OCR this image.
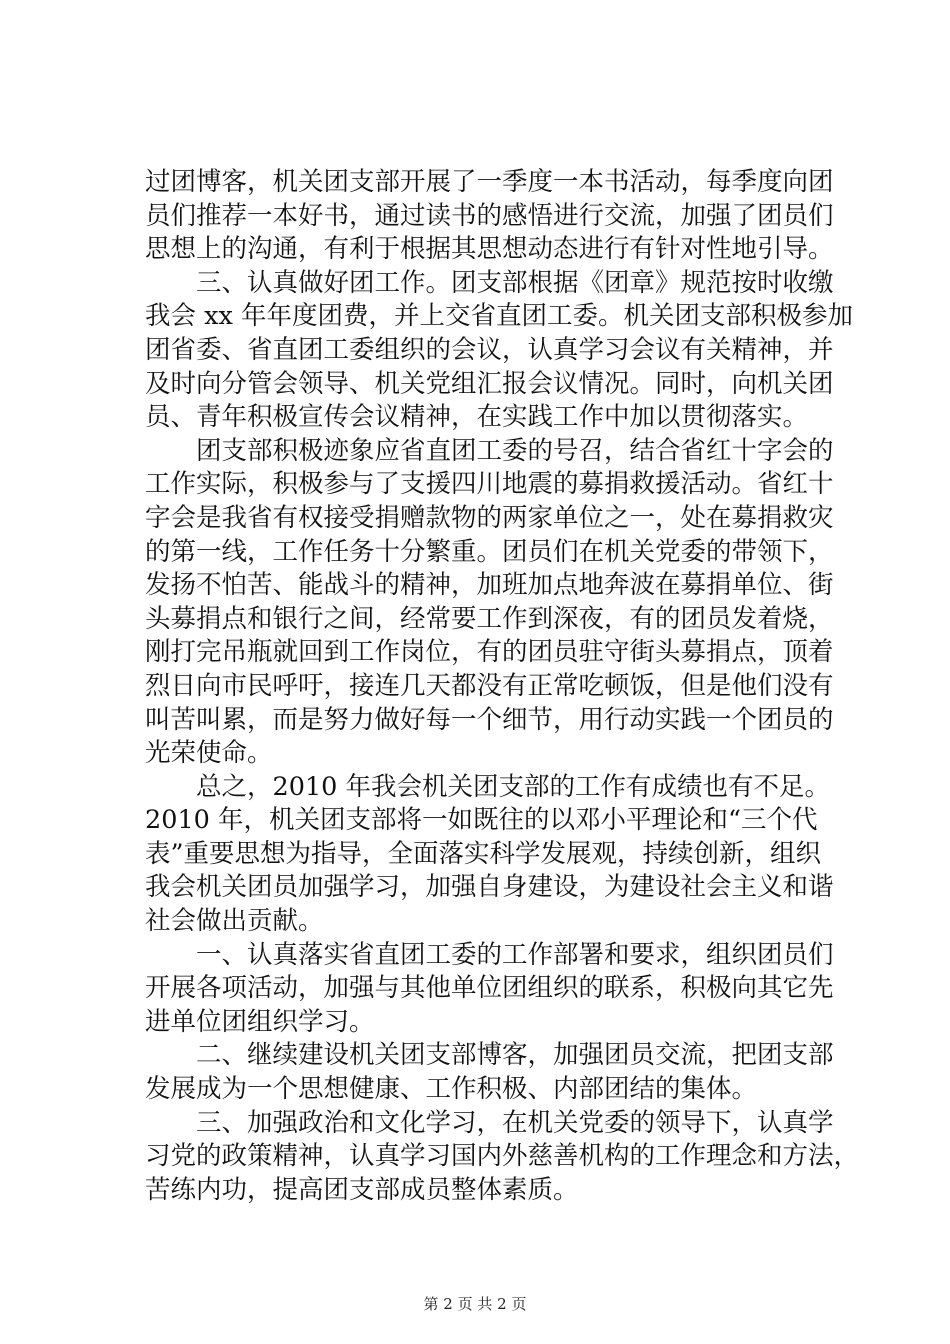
过团博客，机关团支部开展了一季度一本书活动，每季度向团
员们推荐一本好书，通过读书的感悟进行交流，加强了团员们
思想上的沟通，有利于根据其思想动态进行有针对性地引导。
　　三、认真做好团工作。团支部根据《团章》规范按时收缴
我会 xx 年年度团费，并上交省直团工委。机关团支部积极参加
团省委、省直团工委组织的会议，认真学习会议有关精神，并
及时向分管会领导、机关党组汇报会议情况。同时，向机关团
员、青年积极宣传会议精神，在实践工作中加以贯彻落实。
　　团支部积极迹象应省直团工委的号召，结合省红十字会的
工作实际，积极参与了支援四川地震的募捐救援活动。省红十
字会是我省有权接受捐赠款物的两家单位之一，处在募捐救灾
的第一线，工作任务十分繁重。团员们在机关党委的带领下，
发扬不怕苦、能战斗的精神，加班加点地奔波在募捐单位、街
头募捐点和银行之间，经常要工作到深夜，有的团员发着烧，
刚打完吊瓶就回到工作岗位，有的团员驻守街头募捐点，顶着
烈日向市民呼吁，接连几天都没有正常吃顿饭，但是他们没有
叫苦叫累，而是努力做好每一个细节，用行动实践一个团员的
光荣使命。
　　总之，2010 年我会机关团支部的工作有成绩也有不足。
2010 年，机关团支部将一如既往的以邓小平理论和“三个代
表”重要思想为指导，全面落实科学发展观，持续创新，组织
我会机关团员加强学习，加强自身建设，为建设社会主义和谐
社会做出贡献。
　　一、认真落实省直团工委的工作部署和要求，组织团员们
开展各项活动，加强与其他单位团组织的联系，积极向其它先
进单位团组织学习。
　　二、继续建设机关团支部博客，加强团员交流，把团支部
发展成为一个思想健康、工作积极、内部团结的集体。
　　三、加强政治和文化学习，在机关党委的领导下，认真学
习党的政策精神，认真学习国内外慈善机构的工作理念和方法，
苦练内功，提高团支部成员整体素质。
第 2 页 共 2 页
